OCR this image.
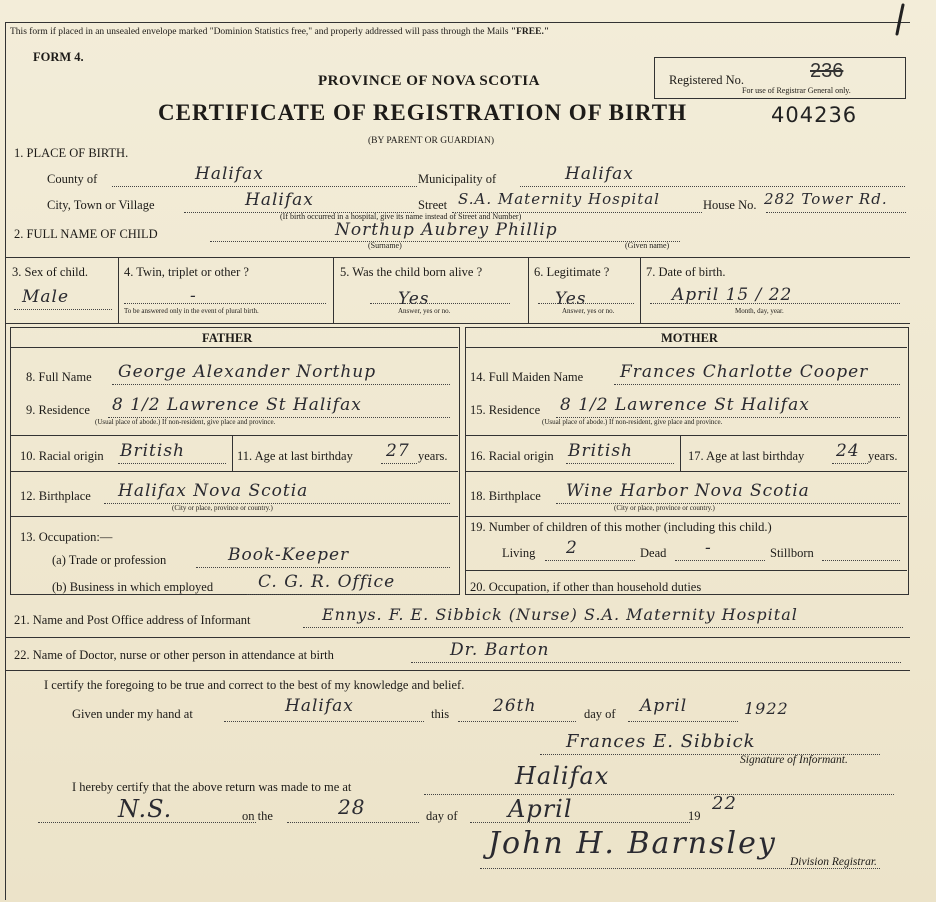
This form if placed in an unsealed envelope marked "Dominion Statistics free," and properly addressed will pass through the Mails "FREE."
FORM 4.
PROVINCE OF NOVA SCOTIA
CERTIFICATE OF REGISTRATION OF BIRTH
(BY PARENT OR GUARDIAN)
Registered No.	236
For use of Registrar General only.
404236
1. PLACE OF BIRTH.
County of	Halifax	Municipality of	Halifax
City, Town or Village	Halifax	Street S.A. Maternity Hospital	House No. 282 Tower Rd.
(If birth occurred in a hospital, give its name instead of Street and Number)
2. FULL NAME OF CHILD	Northup Aubrey Phillip
(Surname)	(Given name)
3. Sex of child.
Male
4. Twin, triplet or other ?
-
To be answered only in the event of plural birth.
5. Was the child born alive ?
Yes
Answer, yes or no.
6. Legitimate ?
Yes
Answer, yes or no.
7. Date of birth.
April 15 / 22
Month, day, year.
FATHER	MOTHER
8. Full Name George Alexander Northup
9. Residence 8 1/2 Lawrence St Halifax
(Usual place of abode.) If non-resident, give place and province.
10. Racial origin British	11. Age at last birthday 27 years.
12. Birthplace Halifax Nova Scotia
(City or place, province or country.)
13. Occupation:—
(a) Trade or profession	Book-Keeper
(b) Business in which employed	C. G. R. Office
14. Full Maiden Name Frances Charlotte Cooper
15. Residence 8 1/2 Lawrence St Halifax
(Usual place of abode.) If non-resident, give place and province.
16. Racial origin British	17. Age at last birthday 24 years.
18. Birthplace Wine Harbor Nova Scotia
(City or place, province or country.)
19. Number of children of this mother (including this child.)
Living 2	Dead -	Stillborn
20. Occupation, if other than household duties
21. Name and Post Office address of Informant	Ennys. F. E. Sibbick (Nurse) S.A. Maternity Hospital
22. Name of Doctor, nurse or other person in attendance at birth	Dr. Barton
I certify the foregoing to be true and correct to the best of my knowledge and belief.
Given under my hand at	Halifax	this	26th	day of April	1922
Frances E. Sibbick
Signature of Informant.
I hereby certify that the above return was made to me at	Halifax
N.S.	on the	28	day of April	19
22
John H. Barnsley
Division Registrar.
